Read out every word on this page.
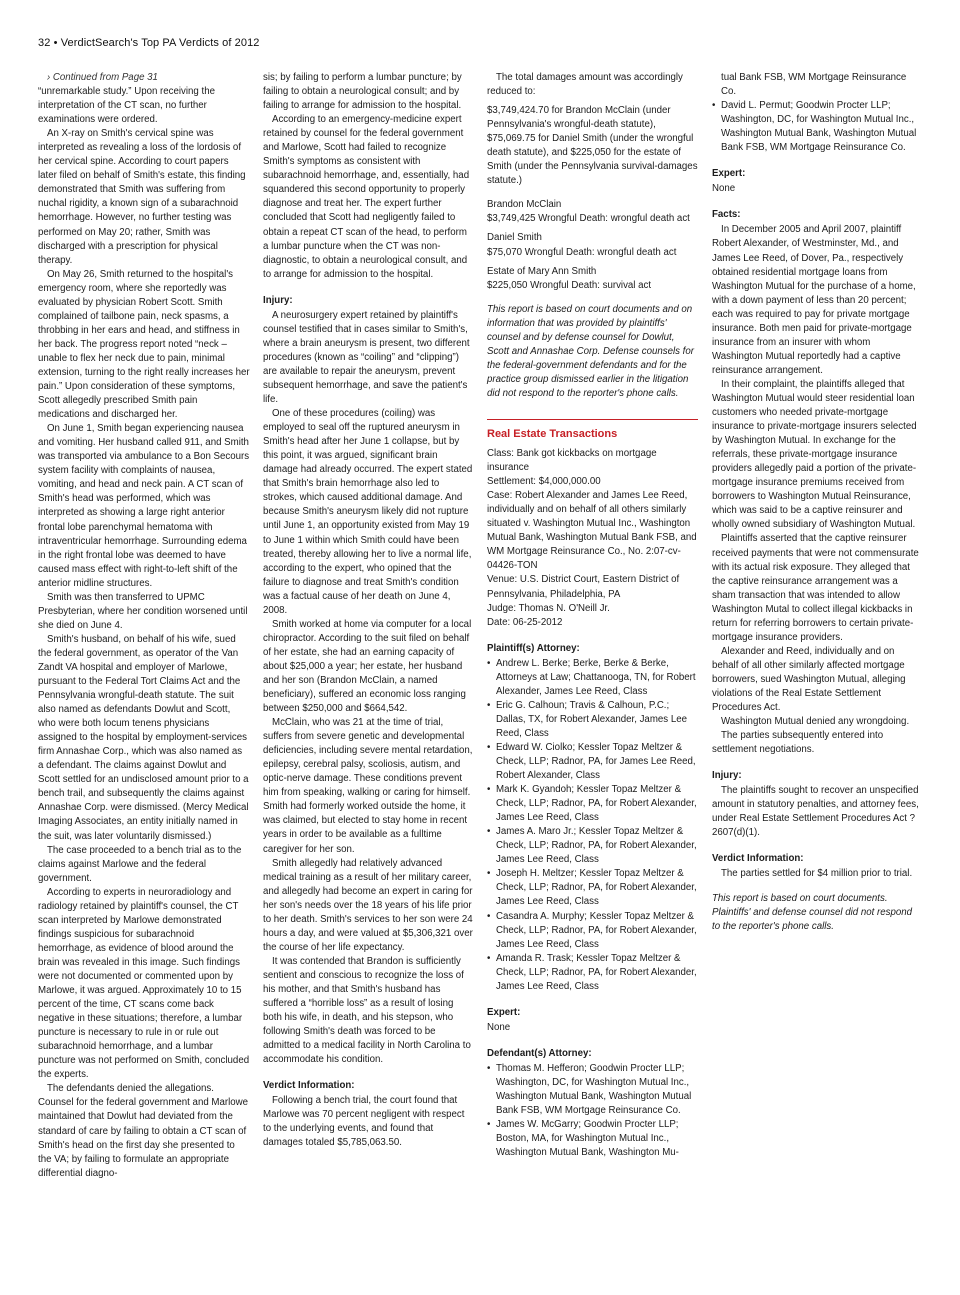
32 • VerdictSearch's Top PA Verdicts of 2012

› Continued from Page 31

“unremarkable study.” Upon receiving the interpretation of the CT scan, no further examinations were ordered.

An X-ray on Smith's cervical spine was interpreted as revealing a loss of the lordosis of her cervical spine. According to court papers later filed on behalf of Smith's estate, this finding demonstrated that Smith was suffering from nuchal rigidity, a known sign of a subarachnoid hemorrhage. However, no further testing was performed on May 20; rather, Smith was discharged with a prescription for physical therapy.

On May 26, Smith returned to the hospital's emergency room, where she reportedly was evaluated by physician Robert Scott. Smith complained of tailbone pain, neck spasms, a throbbing in her ears and head, and stiffness in her back. The progress report noted “neck – unable to flex her neck due to pain, minimal extension, turning to the right really increases her pain.” Upon consideration of these symptoms, Scott allegedly prescribed Smith pain medications and discharged her.

On June 1, Smith began experiencing nausea and vomiting. Her husband called 911, and Smith was transported via ambulance to a Bon Secours system facility with complaints of nausea, vomiting, and head and neck pain. A CT scan of Smith's head was performed, which was interpreted as showing a large right anterior frontal lobe parenchymal hematoma with intraventricular hemorrhage. Surrounding edema in the right frontal lobe was deemed to have caused mass effect with right-to-left shift of the anterior midline structures.

Smith was then transferred to UPMC Presbyterian, where her condition worsened until she died on June 4.

Smith's husband, on behalf of his wife, sued the federal government, as operator of the Van Zandt VA hospital and employer of Marlowe, pursuant to the Federal Tort Claims Act and the Pennsylvania wrongful-death statute. The suit also named as defendants Dowlut and Scott, who were both locum tenens physicians assigned to the hospital by employment-services firm Annashae Corp., which was also named as a defendant. The claims against Dowlut and Scott settled for an undisclosed amount prior to a bench trail, and subsequently the claims against Annashae Corp. were dismissed. (Mercy Medical Imaging Associates, an entity initially named in the suit, was later voluntarily dismissed.)

The case proceeded to a bench trial as to the claims against Marlowe and the federal government.

According to experts in neuroradiology and radiology retained by plaintiff's counsel, the CT scan interpreted by Marlowe demonstrated findings suspicious for subarachnoid hemorrhage, as evidence of blood around the brain was revealed in this image. Such findings were not documented or commented upon by Marlowe, it was argued. Approximately 10 to 15 percent of the time, CT scans come back negative in these situations; therefore, a lumbar puncture is necessary to rule in or rule out subarachnoid hemorrhage, and a lumbar puncture was not performed on Smith, concluded the experts.

The defendants denied the allegations. Counsel for the federal government and Marlowe maintained that Dowlut had deviated from the standard of care by failing to obtain a CT scan of Smith's head on the first day she presented to the VA; by failing to formulate an appropriate differential diagno-

sis; by failing to perform a lumbar puncture; by failing to obtain a neurological consult; and by failing to arrange for admission to the hospital.

According to an emergency-medicine expert retained by counsel for the federal government and Marlowe, Scott had failed to recognize Smith's symptoms as consistent with subarachnoid hemorrhage, and, essentially, had squandered this second opportunity to properly diagnose and treat her. The expert further concluded that Scott had negligently failed to obtain a repeat CT scan of the head, to perform a lumbar puncture when the CT was non-diagnostic, to obtain a neurological consult, and to arrange for admission to the hospital.

Injury:

A neurosurgery expert retained by plaintiff's counsel testified that in cases similar to Smith's, where a brain aneurysm is present, two different procedures (known as “coiling” and “clipping”) are available to repair the aneurysm, prevent subsequent hemorrhage, and save the patient's life.

One of these procedures (coiling) was employed to seal off the ruptured aneurysm in Smith's head after her June 1 collapse, but by this point, it was argued, significant brain damage had already occurred. The expert stated that Smith's brain hemorrhage also led to strokes, which caused additional damage. And because Smith's aneurysm likely did not rupture until June 1, an opportunity existed from May 19 to June 1 within which Smith could have been treated, thereby allowing her to live a normal life, according to the expert, who opined that the failure to diagnose and treat Smith's condition was a factual cause of her death on June 4, 2008.

Smith worked at home via computer for a local chiropractor. According to the suit filed on behalf of her estate, she had an earning capacity of about $25,000 a year; her estate, her husband and her son (Brandon McClain, a named beneficiary), suffered an economic loss ranging between $250,000 and $664,542.

McClain, who was 21 at the time of trial, suffers from severe genetic and developmental deficiencies, including severe mental retardation, epilepsy, cerebral palsy, scoliosis, autism, and optic-nerve damage. These conditions prevent him from speaking, walking or caring for himself. Smith had formerly worked outside the home, it was claimed, but elected to stay home in recent years in order to be available as a fulltime caregiver for her son.

Smith allegedly had relatively advanced medical training as a result of her military career, and allegedly had become an expert in caring for her son's needs over the 18 years of his life prior to her death. Smith's services to her son were 24 hours a day, and were valued at $5,306,321 over the course of her life expectancy.

It was contended that Brandon is sufficiently sentient and conscious to recognize the loss of his mother, and that Smith's husband has suffered a “horrible loss” as a result of losing both his wife, in death, and his stepson, who following Smith's death was forced to be admitted to a medical facility in North Carolina to accommodate his condition.

Verdict Information:

Following a bench trial, the court found that Marlowe was 70 percent negligent with respect to the underlying events, and found that damages totaled $5,785,063.50.

The total damages amount was accordingly reduced to:

$3,749,424.70 for Brandon McClain (under Pennsylvania's wrongful-death statute), $75,069.75 for Daniel Smith (under the wrongful death statute), and $225,050 for the estate of Smith (under the Pennsylvania survival-damages statute.)

Brandon McClain

$3,749,425 Wrongful Death: wrongful death act

Daniel Smith

$75,070 Wrongful Death: wrongful death act

Estate of Mary Ann Smith

$225,050 Wrongful Death: survival act

This report is based on court documents and on information that was provided by plaintiffs' counsel and by defense counsel for Dowlut, Scott and Annashae Corp. Defense counsels for the federal-government defendants and for the practice group dismissed earlier in the litigation did not respond to the reporter's phone calls.

Real Estate Transactions

Class: Bank got kickbacks on mortgage insurance

Settlement: $4,000,000.00

Case: Robert Alexander and James Lee Reed, individually and on behalf of all others similarly situated v. Washington Mutual Inc., Washington Mutual Bank, Washington Mutual Bank FSB, and WM Mortgage Reinsurance Co., No. 2:07-cv-04426-TON

Venue: U.S. District Court, Eastern District of Pennsylvania, Philadelphia, PA

Judge: Thomas N. O'Neill Jr.

Date: 06-25-2012

Plaintiff(s) Attorney:
• Andrew L. Berke; Berke, Berke & Berke, Attorneys at Law; Chattanooga, TN, for Robert Alexander, James Lee Reed, Class
• Eric G. Calhoun; Travis & Calhoun, P.C.; Dallas, TX, for Robert Alexander, James Lee Reed, Class
• Edward W. Ciolko; Kessler Topaz Meltzer & Check, LLP; Radnor, PA, for James Lee Reed, Robert Alexander, Class
• Mark K. Gyandoh; Kessler Topaz Meltzer & Check, LLP; Radnor, PA, for Robert Alexander, James Lee Reed, Class
• James A. Maro Jr.; Kessler Topaz Meltzer & Check, LLP; Radnor, PA, for Robert Alexander, James Lee Reed, Class
• Joseph H. Meltzer; Kessler Topaz Meltzer & Check, LLP; Radnor, PA, for Robert Alexander, James Lee Reed, Class
• Casandra A. Murphy; Kessler Topaz Meltzer & Check, LLP; Radnor, PA, for Robert Alexander, James Lee Reed, Class
• Amanda R. Trask; Kessler Topaz Meltzer & Check, LLP; Radnor, PA, for Robert Alexander, James Lee Reed, Class
Expert:

None

Defendant(s) Attorney:
• Thomas M. Hefferon; Goodwin Procter LLP; Washington, DC, for Washington Mutual Inc., Washington Mutual Bank, Washington Mutual Bank FSB, WM Mortgage Reinsurance Co.
• James W. McGarry; Goodwin Procter LLP; Boston, MA, for Washington Mutual Inc., Washington Mutual Bank, Washington Mu-

tual Bank FSB, WM Mortgage Reinsurance Co.

• David L. Permut; Goodwin Procter LLP; Washington, DC, for Washington Mutual Inc., Washington Mutual Bank, Washington Mutual Bank FSB, WM Mortgage Reinsurance Co.
Expert:

None

Facts:

In December 2005 and April 2007, plaintiff Robert Alexander, of Westminster, Md., and James Lee Reed, of Dover, Pa., respectively obtained residential mortgage loans from Washington Mutual for the purchase of a home, with a down payment of less than 20 percent; each was required to pay for private mortgage insurance. Both men paid for private-mortgage insurance from an insurer with whom Washington Mutual reportedly had a captive reinsurance arrangement.

In their complaint, the plaintiffs alleged that Washington Mutual would steer residential loan customers who needed private-mortgage insurance to private-mortgage insurers selected by Washington Mutual. In exchange for the referrals, these private-mortgage insurance providers allegedly paid a portion of the private-mortgage insurance premiums received from borrowers to Washington Mutual Reinsurance, which was said to be a captive reinsurer and wholly owned subsidiary of Washington Mutual.

Plaintiffs asserted that the captive reinsurer received payments that were not commensurate with its actual risk exposure. They alleged that the captive reinsurance arrangement was a sham transaction that was intended to allow Washington Mutal to collect illegal kickbacks in return for referring borrowers to certain private-mortgage insurance providers.

Alexander and Reed, individually and on behalf of all other similarly affected mortgage borrowers, sued Washington Mutual, alleging violations of the Real Estate Settlement Procedures Act.

Washington Mutual denied any wrongdoing.

The parties subsequently entered into settlement negotiations.

Injury:

The plaintiffs sought to recover an unspecified amount in statutory penalties, and attorney fees, under Real Estate Settlement Procedures Act ? 2607(d)(1).

Verdict Information:

The parties settled for $4 million prior to trial.

This report is based on court documents. Plaintiffs' and defense counsel did not respond to the reporter's phone calls.
